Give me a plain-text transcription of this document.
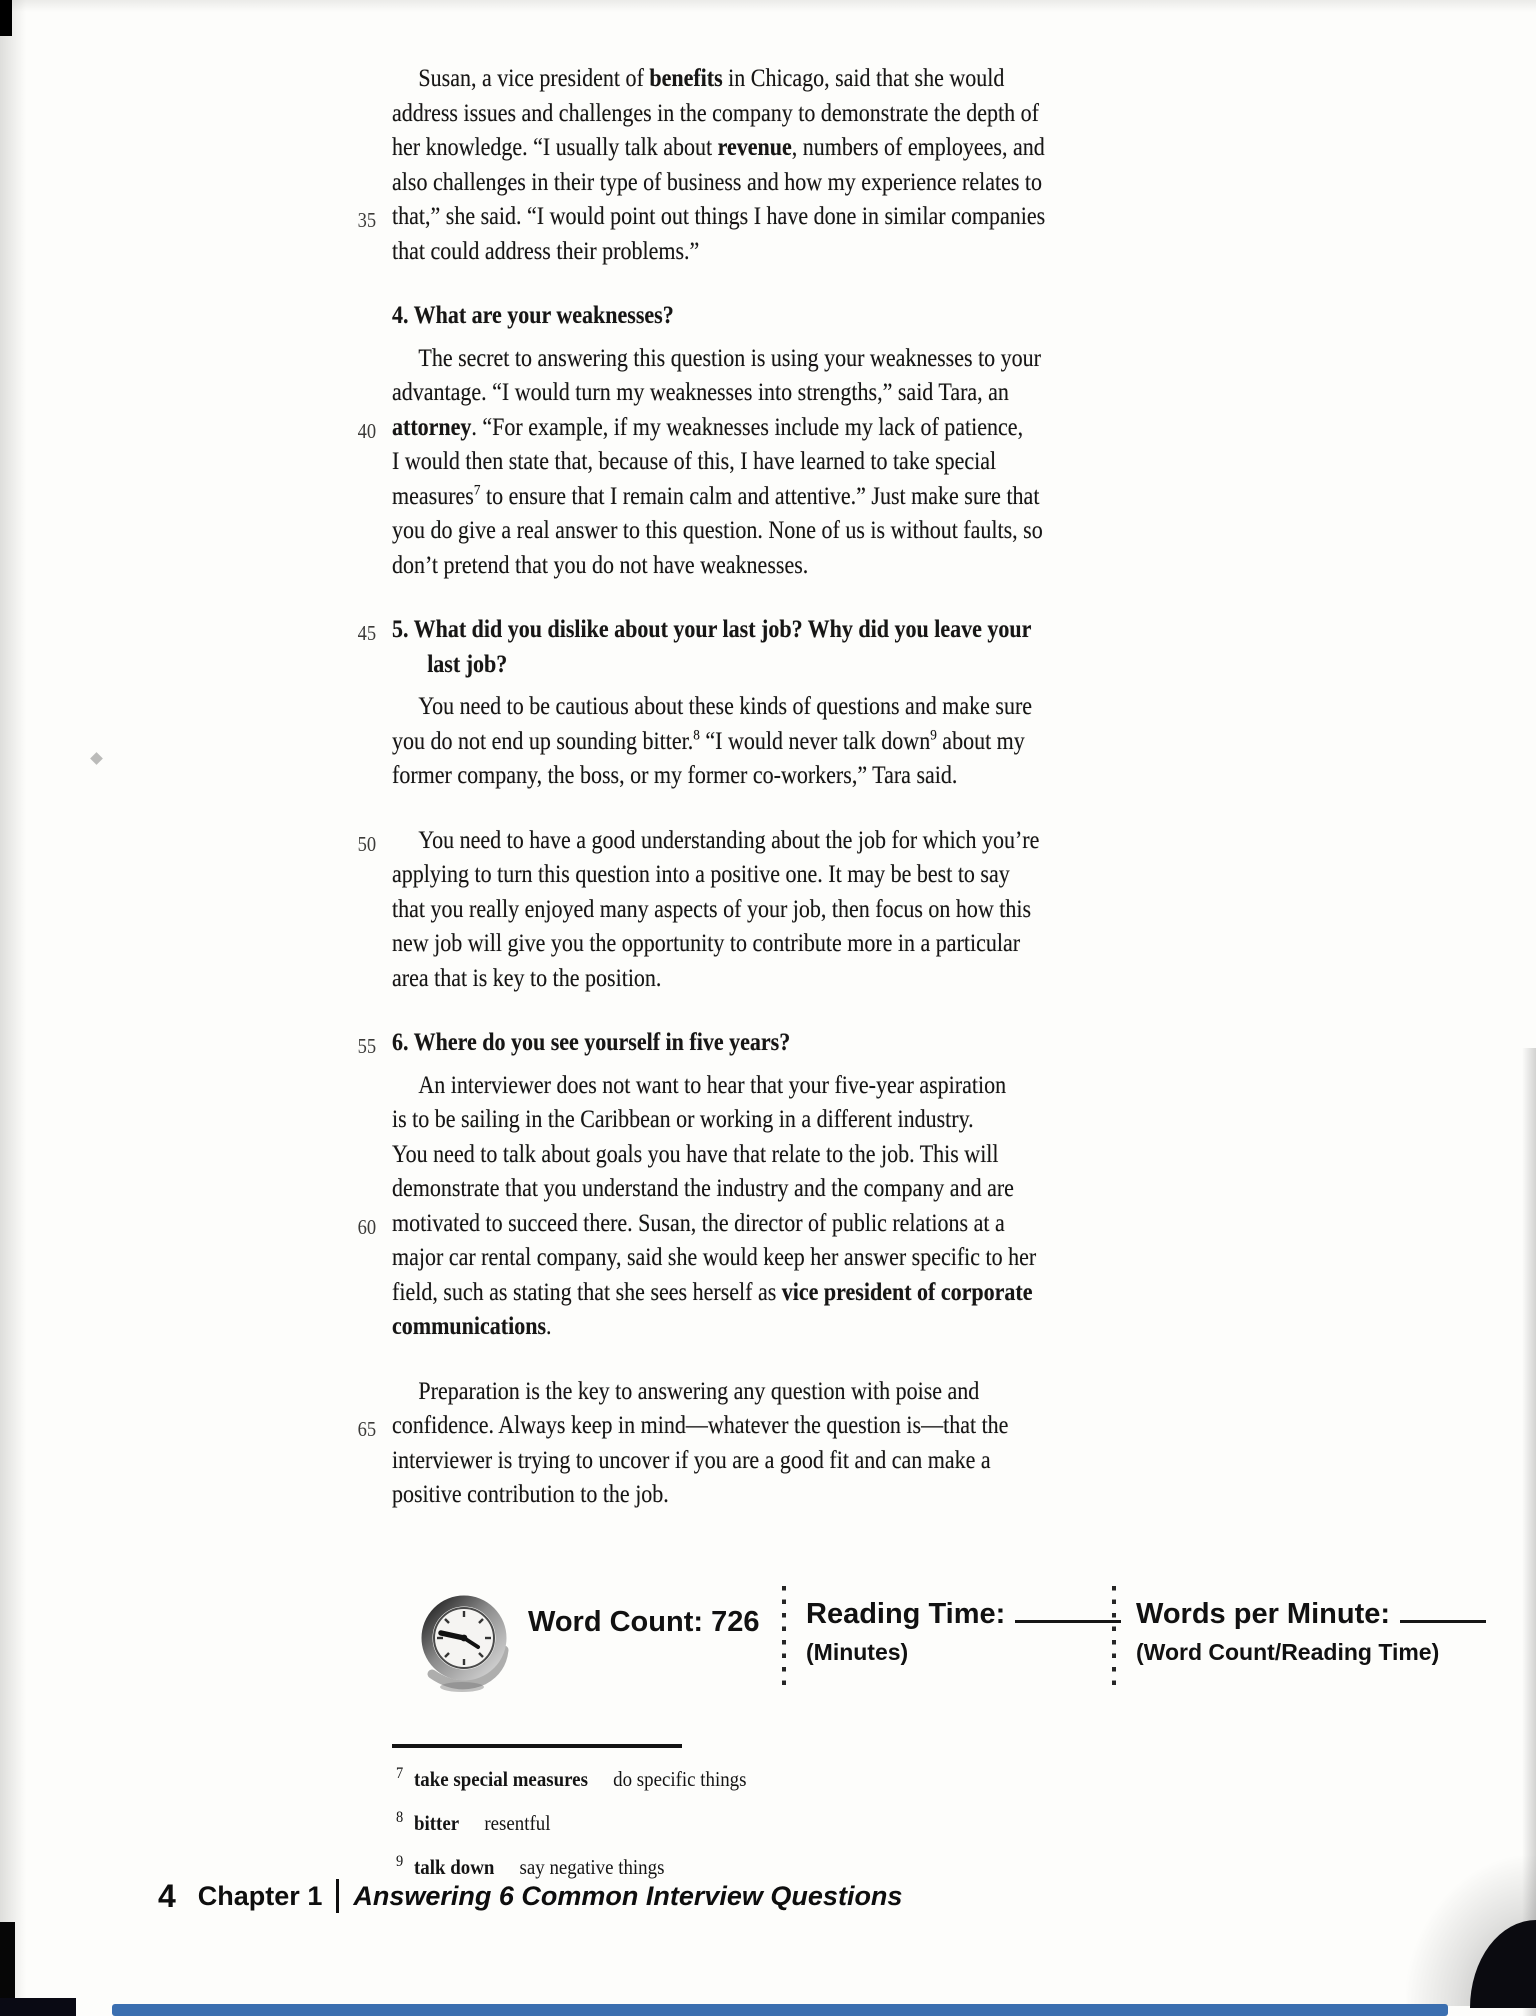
Susan, a vice president of benefits in Chicago, said that she would
address issues and challenges in the company to demonstrate the depth of
her knowledge. “I usually talk about revenue, numbers of employees, and
also challenges in their type of business and how my experience relates to
35 that,” she said. “I would point out things I have done in similar companies
that could address their problems.”
4. What are your weaknesses?
The secret to answering this question is using your weaknesses to your
advantage. “I would turn my weaknesses into strengths,” said Tara, an
40 attorney. “For example, if my weaknesses include my lack of patience,
I would then state that, because of this, I have learned to take special
measures$^7$ to ensure that I remain calm and attentive.” Just make sure that
you do give a real answer to this question. None of us is without faults, so
don’t pretend that you do not have weaknesses.
45 5. What did you dislike about your last job? Why did you leave your
last job?
You need to be cautious about these kinds of questions and make sure
you do not end up sounding bitter.$^8$ “I would never talk down$^9$ about my
former company, the boss, or my former co-workers,” Tara said.
50 You need to have a good understanding about the job for which you’re
applying to turn this question into a positive one. It may be best to say
that you really enjoyed many aspects of your job, then focus on how this
new job will give you the opportunity to contribute more in a particular
area that is key to the position.
55 6. Where do you see yourself in five years?
An interviewer does not want to hear that your five-year aspiration
is to be sailing in the Caribbean or working in a different industry.
You need to talk about goals you have that relate to the job. This will
demonstrate that you understand the industry and the company and are
60 motivated to succeed there. Susan, the director of public relations at a
major car rental company, said she would keep her answer specific to her
field, such as stating that she sees herself as vice president of corporate
communications.
Preparation is the key to answering any question with poise and
65 confidence. Always keep in mind—whatever the question is—that the
interviewer is trying to uncover if you are a good fit and can make a
positive contribution to the job.
Word Count: 726 Reading Time:
(Minutes)
Words per Minute:
(Word Count/Reading Time)
$^7$ take special measures do specific things
$^8$ bitter resentful
$^9$ talk down say negative things
4 Chapter 1 Answering 6 Common Interview Questions
